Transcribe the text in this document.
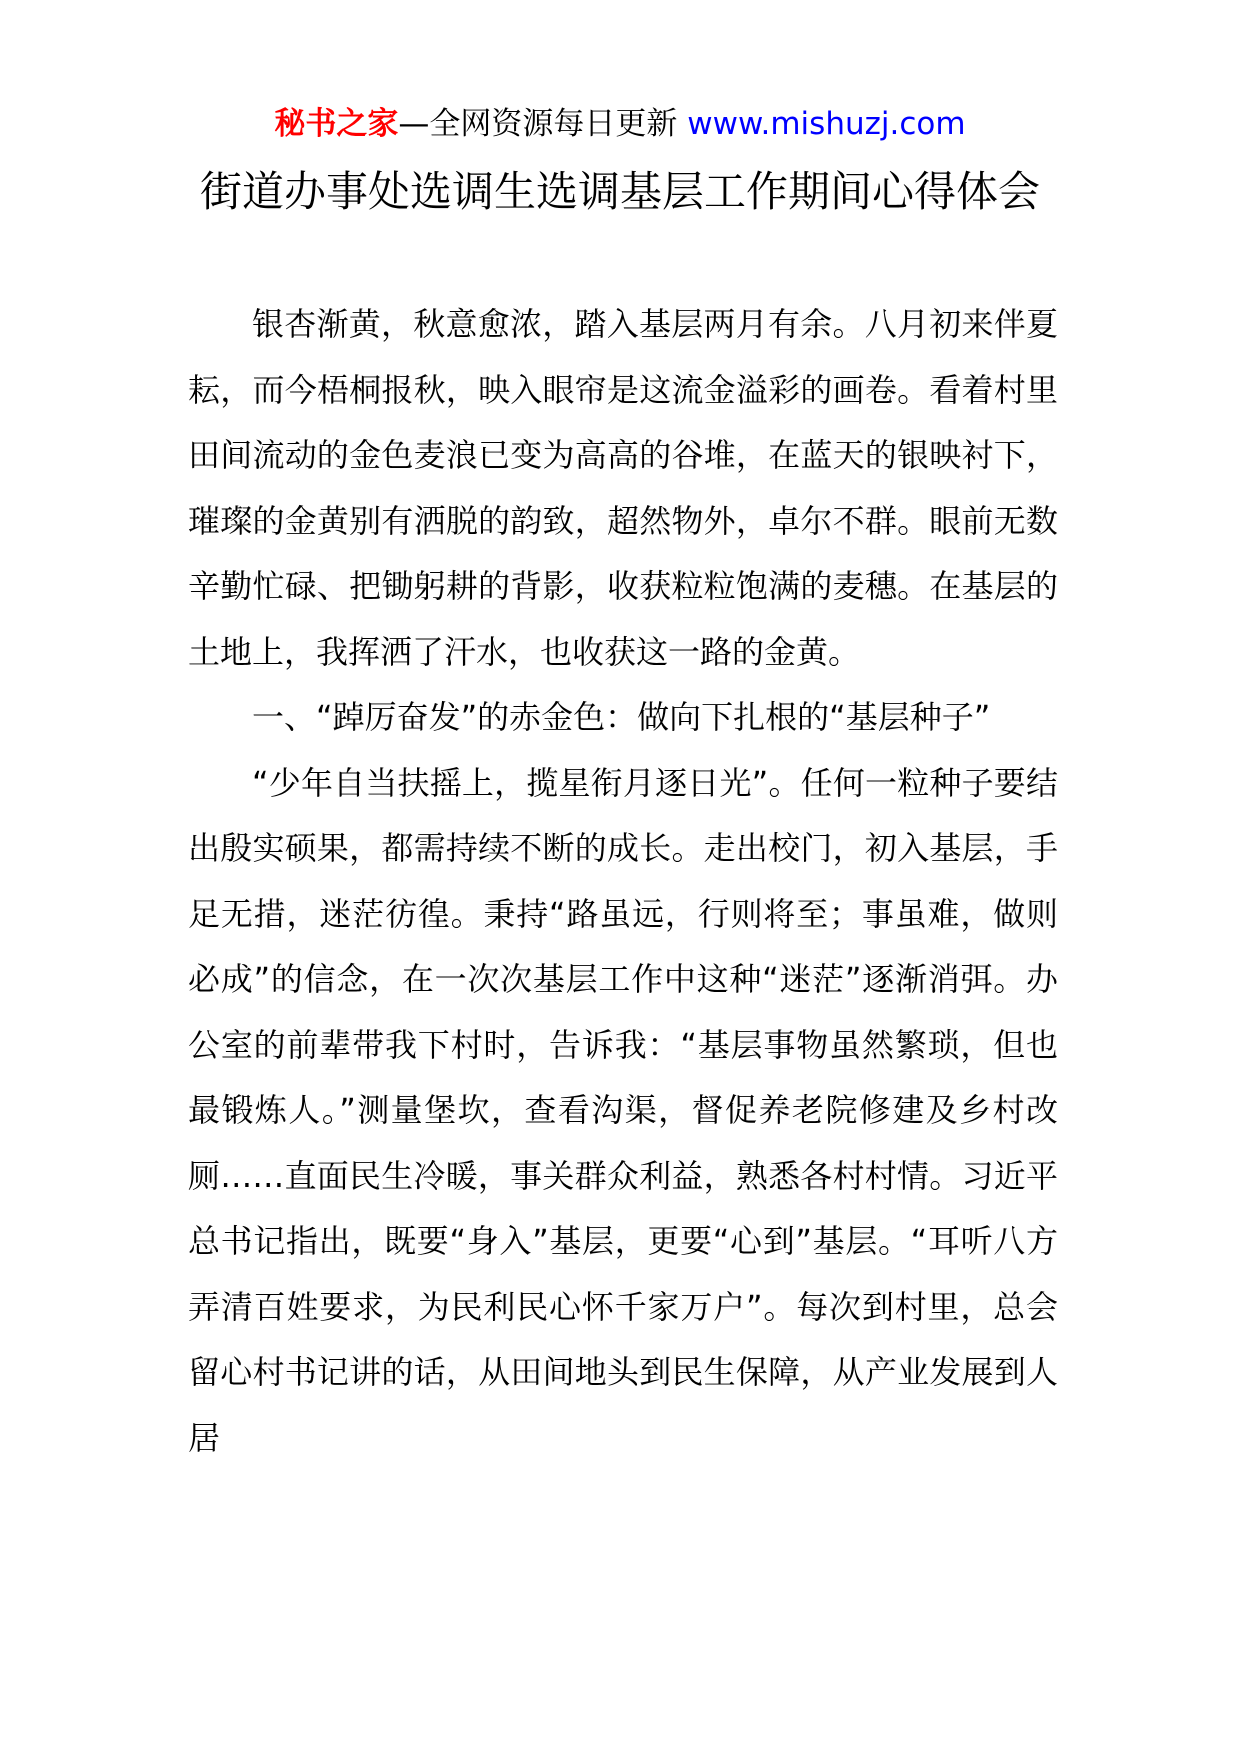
秘书之家—全网资源每日更新 www.mishuzj.com
街道办事处选调生选调基层工作期间心得体会

银杏渐黄，秋意愈浓，踏入基层两月有余。八月初来伴夏耘，而今梧桐报秋，映入眼帘是这流金溢彩的画卷。看着村里田间流动的金色麦浪已变为高高的谷堆，在蓝天的银映衬下，璀璨的金黄别有洒脱的韵致，超然物外，卓尔不群。眼前无数辛勤忙碌、把锄躬耕的背影，收获粒粒饱满的麦穗。在基层的土地上，我挥洒了汗水，也收获这一路的金黄。

一、“踔厉奋发”的赤金色：做向下扎根的“基层种子”

“少年自当扶摇上，揽星衔月逐日光”。任何一粒种子要结出殷实硕果，都需持续不断的成长。走出校门，初入基层，手足无措，迷茫彷徨。秉持“路虽远，行则将至；事虽难，做则必成”的信念，在一次次基层工作中这种“迷茫”逐渐消弭。办公室的前辈带我下村时，告诉我：“基层事物虽然繁琐，但也最锻炼人。”测量堡坎，查看沟渠，督促养老院修建及乡村改厕……直面民生冷暖，事关群众利益，熟悉各村村情。习近平总书记指出，既要“身入”基层，更要“心到”基层。“耳听八方弄清百姓要求，为民利民心怀千家万户”。每次到村里，总会留心村书记讲的话，从田间地头到民生保障，从产业发展到人居
